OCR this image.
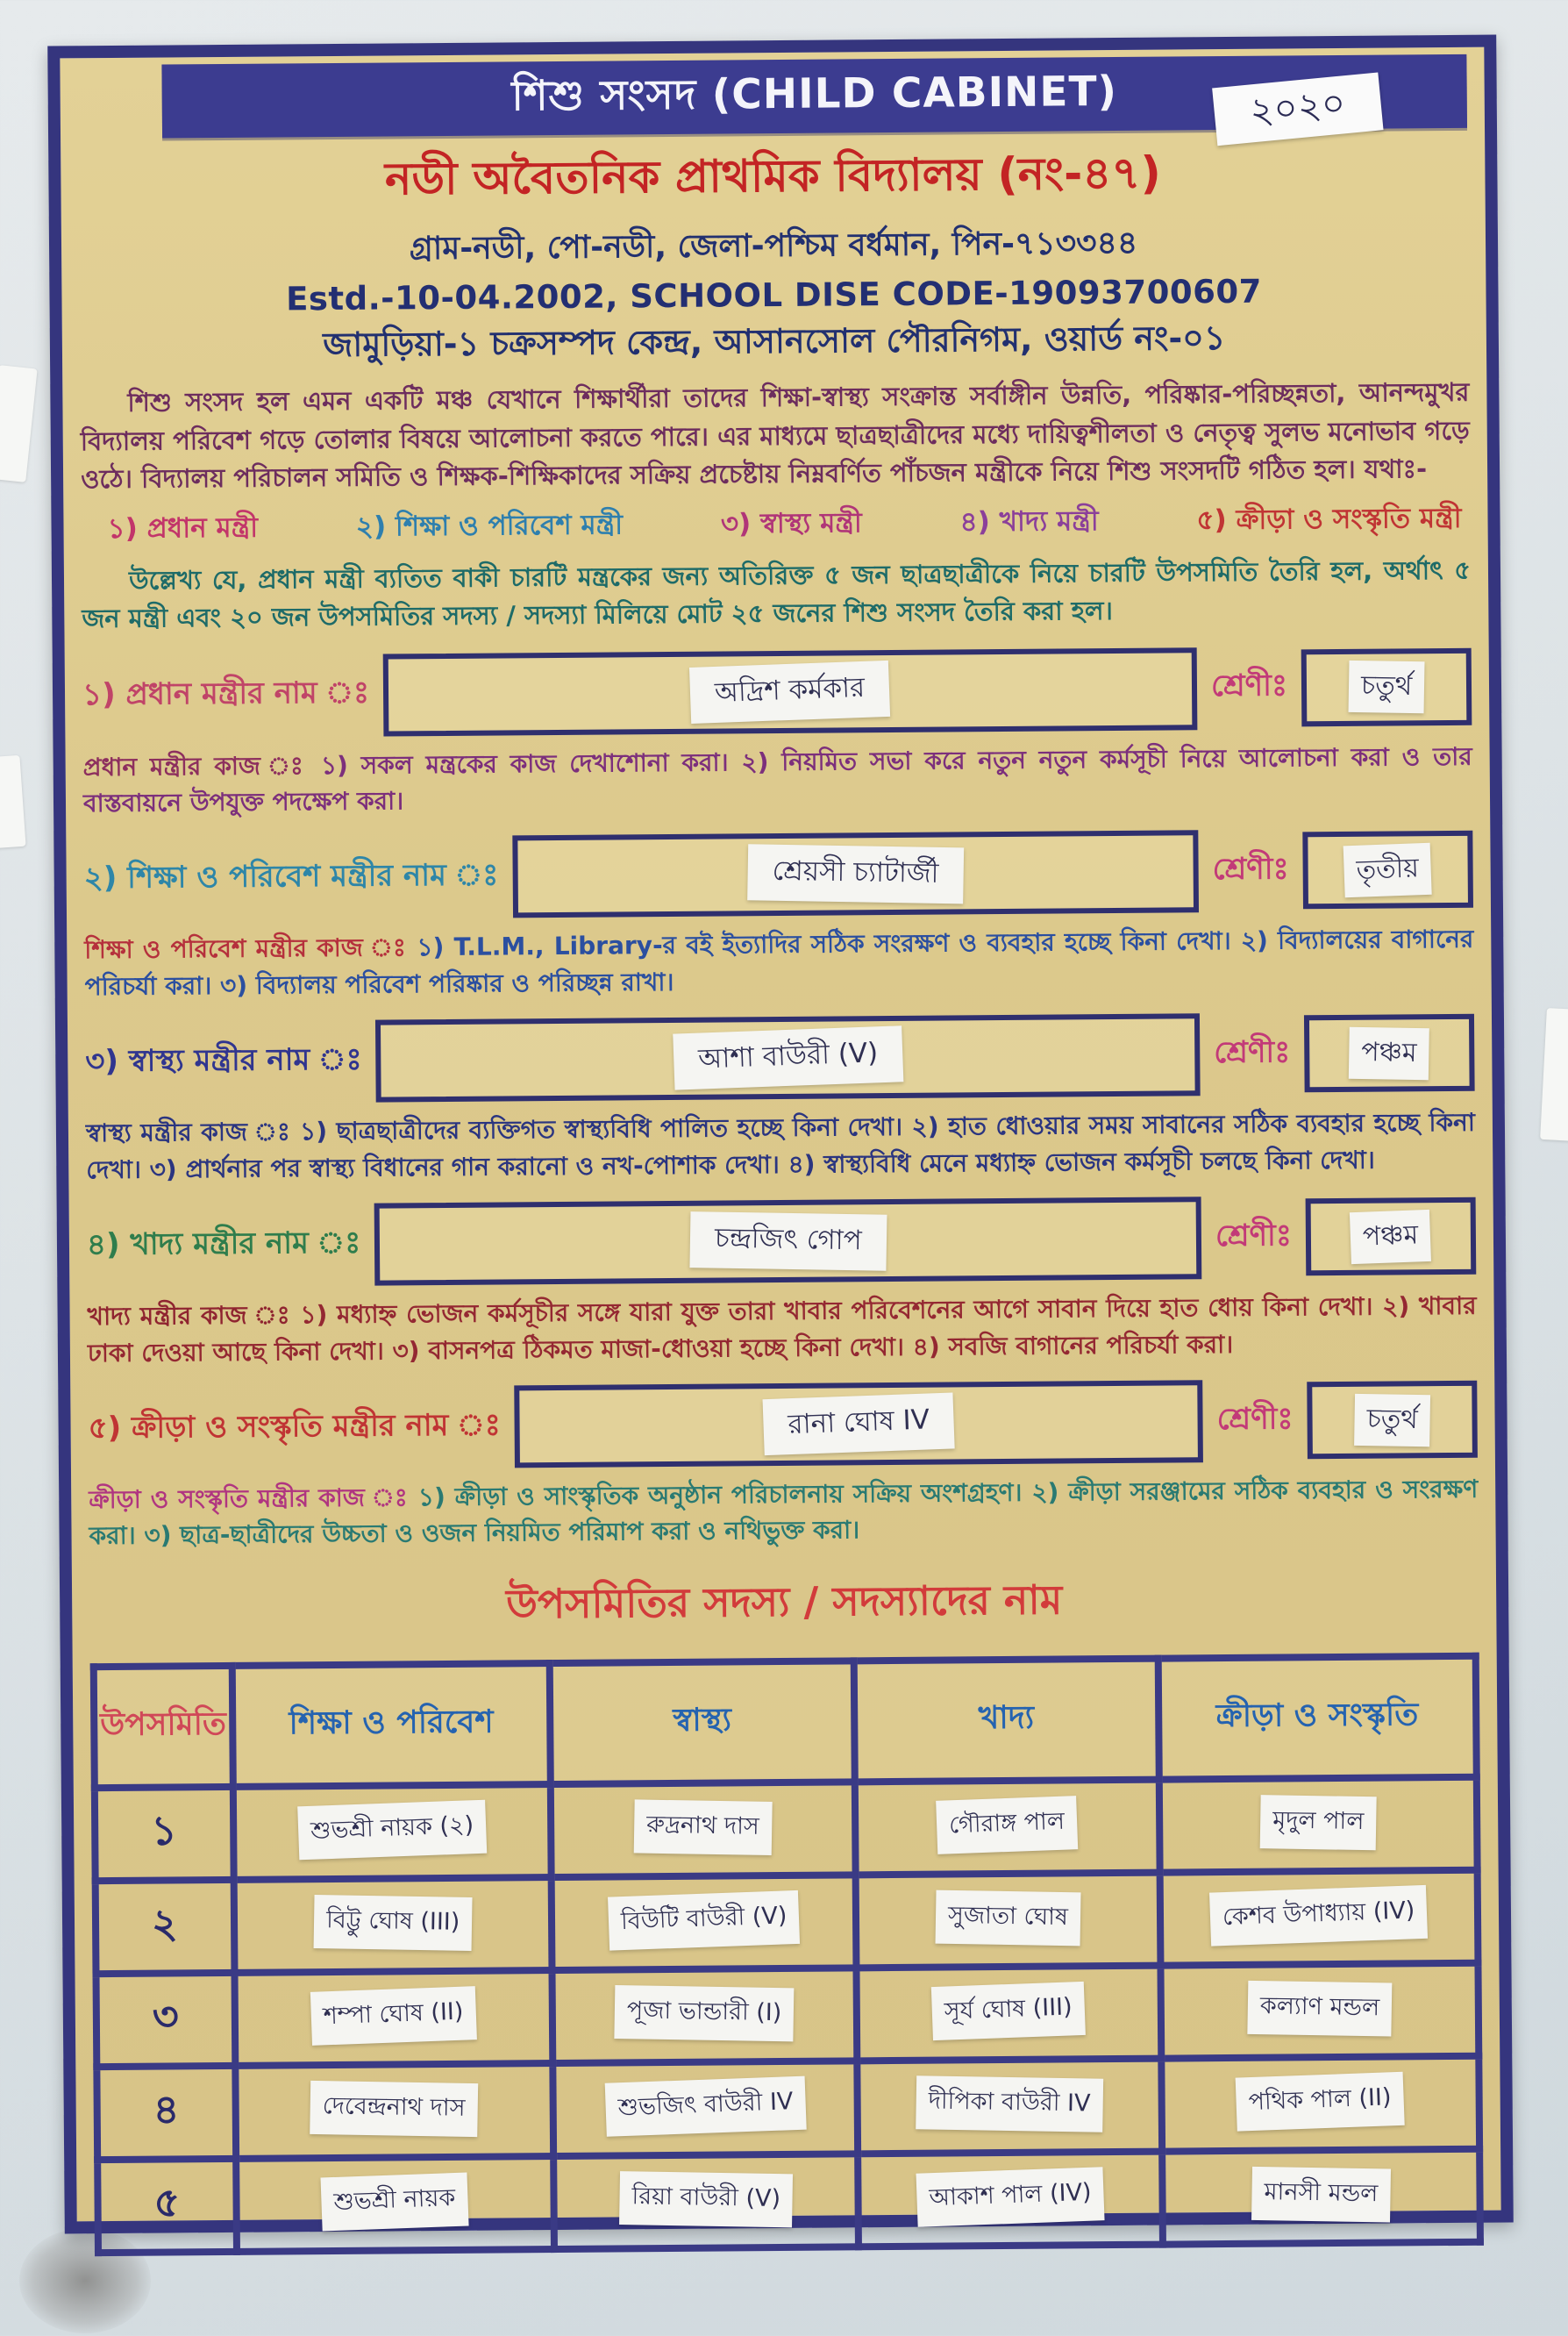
শিশু সংসদ (CHILD CABINET)	২০২০
নডী অবৈতনিক প্রাথমিক বিদ্যালয় (নং-৪৭)
গ্রাম-নডী, পো-নডী, জেলা-পশ্চিম বর্ধমান, পিন-৭১৩৩৪৪
Estd.-10-04.2002, SCHOOL DISE CODE-19093700607
জামুড়িয়া-১ চক্রসম্পদ কেন্দ্র, আসানসোল পৌরনিগম, ওয়ার্ড নং-০১
শিশু সংসদ হল এমন একটি মঞ্চ যেখানে শিক্ষার্থীরা তাদের শিক্ষা-স্বাস্থ্য সংক্রান্ত সর্বাঙ্গীন উন্নতি, পরিষ্কার-পরিচ্ছন্নতা, আনন্দমুখর বিদ্যালয় পরিবেশ গড়ে তোলার বিষয়ে আলোচনা করতে পারে। এর মাধ্যমে ছাত্রছাত্রীদের মধ্যে দায়িত্বশীলতা ও নেতৃত্ব সুলভ মনোভাব গড়ে ওঠে। বিদ্যালয় পরিচালন সমিতি ও শিক্ষক-শিক্ষিকাদের সক্রিয় প্রচেষ্টায় নিম্নবর্ণিত পাঁচজন মন্ত্রীকে নিয়ে শিশু সংসদটি গঠিত হল। যথাঃ-
১) প্রধান মন্ত্রী	২) শিক্ষা ও পরিবেশ মন্ত্রী	৩) স্বাস্থ্য মন্ত্রী	৪) খাদ্য মন্ত্রী	৫) ক্রীড়া ও সংস্কৃতি মন্ত্রী
উল্লেখ্য যে, প্রধান মন্ত্রী ব্যতিত বাকী চারটি মন্ত্রকের জন্য অতিরিক্ত ৫ জন ছাত্রছাত্রীকে নিয়ে চারটি উপসমিতি তৈরি হল, অর্থাৎ ৫ জন মন্ত্রী এবং ২০ জন উপসমিতির সদস্য / সদস্যা মিলিয়ে মোট ২৫ জনের শিশু সংসদ তৈরি করা হল।
১) প্রধান মন্ত্রীর নাম ঃ	অদ্রিশ কর্মকার	শ্রেণীঃ	চতুর্থ
প্রধান মন্ত্রীর কাজ ঃ ১) সকল মন্ত্রকের কাজ দেখাশোনা করা। ২) নিয়মিত সভা করে নতুন নতুন কর্মসূচী নিয়ে আলোচনা করা ও তার বাস্তবায়নে উপযুক্ত পদক্ষেপ করা।
২) শিক্ষা ও পরিবেশ মন্ত্রীর নাম ঃ	শ্রেয়সী চ্যাটার্জী	শ্রেণীঃ	তৃতীয়
শিক্ষা ও পরিবেশ মন্ত্রীর কাজ ঃ ১) T.L.M., Library-র বই ইত্যাদির সঠিক সংরক্ষণ ও ব্যবহার হচ্ছে কিনা দেখা। ২) বিদ্যালয়ের বাগানের পরিচর্যা করা। ৩) বিদ্যালয় পরিবেশ পরিষ্কার ও পরিচ্ছন্ন রাখা।
৩) স্বাস্থ্য মন্ত্রীর নাম ঃ	আশা বাউরী (V)	শ্রেণীঃ	পঞ্চম
স্বাস্থ্য মন্ত্রীর কাজ ঃ ১) ছাত্রছাত্রীদের ব্যক্তিগত স্বাস্থ্যবিধি পালিত হচ্ছে কিনা দেখা। ২) হাত ধোওয়ার সময় সাবানের সঠিক ব্যবহার হচ্ছে কিনা দেখা। ৩) প্রার্থনার পর স্বাস্থ্য বিধানের গান করানো ও নখ-পোশাক দেখা। ৪) স্বাস্থ্যবিধি মেনে মধ্যাহ্ন ভোজন কর্মসূচী চলছে কিনা দেখা।
৪) খাদ্য মন্ত্রীর নাম ঃ	চন্দ্রজিৎ গোপ	শ্রেণীঃ	পঞ্চম
খাদ্য মন্ত্রীর কাজ ঃ ১) মধ্যাহ্ন ভোজন কর্মসূচীর সঙ্গে যারা যুক্ত তারা খাবার পরিবেশনের আগে সাবান দিয়ে হাত ধোয় কিনা দেখা। ২) খাবার ঢাকা দেওয়া আছে কিনা দেখা। ৩) বাসনপত্র ঠিকমত মাজা-ধোওয়া হচ্ছে কিনা দেখা। ৪) সবজি বাগানের পরিচর্যা করা।
৫) ক্রীড়া ও সংস্কৃতি মন্ত্রীর নাম ঃ	রানা ঘোষ IV	শ্রেণীঃ	চতুর্থ
ক্রীড়া ও সংস্কৃতি মন্ত্রীর কাজ ঃ ১) ক্রীড়া ও সাংস্কৃতিক অনুষ্ঠান পরিচালনায় সক্রিয় অংশগ্রহণ। ২) ক্রীড়া সরঞ্জামের সঠিক ব্যবহার ও সংরক্ষণ করা। ৩) ছাত্র-ছাত্রীদের উচ্চতা ও ওজন নিয়মিত পরিমাপ করা ও নথিভুক্ত করা।
উপসমিতির সদস্য / সদস্যাদের নাম
উপসমিতি	শিক্ষা ও পরিবেশ	স্বাস্থ্য	খাদ্য	ক্রীড়া ও সংস্কৃতি
১	শুভশ্রী নায়ক (২)	রুদ্রনাথ দাস	গৌরাঙ্গ পাল	মৃদুল পাল
২	বিট্টু ঘোষ (III)	বিউটি বাউরী (V)	সুজাতা ঘোষ	কেশব উপাধ্যায় (IV)
৩	শম্পা ঘোষ (II)	পূজা ভান্ডারী (I)	সূর্য ঘোষ (III)	কল্যাণ মন্ডল
৪	দেবেন্দ্রনাথ দাস	শুভজিৎ বাউরী IV	দীপিকা বাউরী IV	পথিক পাল (II)
৫	শুভশ্রী নায়ক	রিয়া বাউরী (V)	আকাশ পাল (IV)	মানসী মন্ডল
